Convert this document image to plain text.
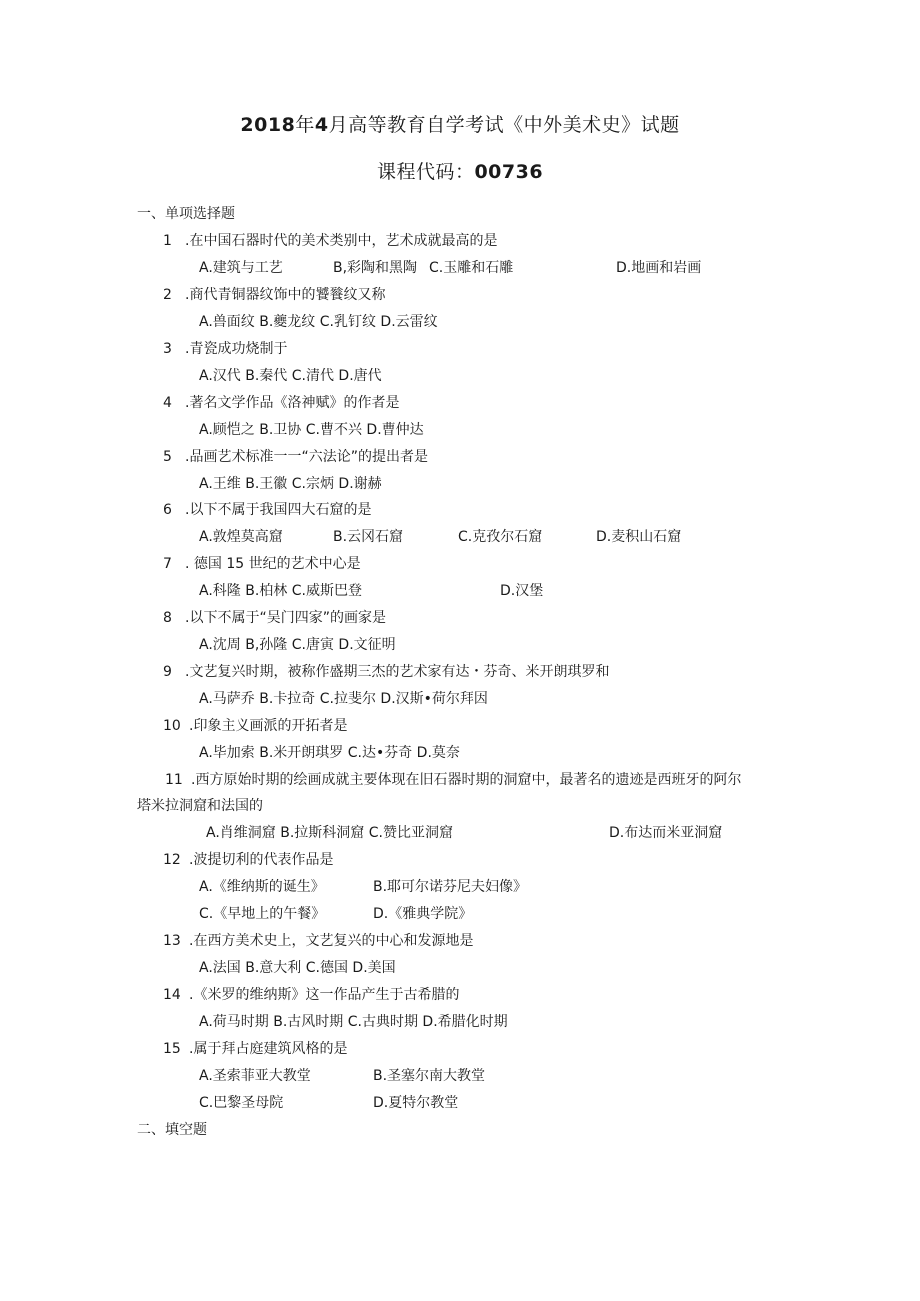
2018年4月高等教育自学考试《中外美术史》试题
课程代码：00736
一、单项选择题
1 .在中国石器时代的美术类别中，艺术成就最高的是
A.建筑与工艺	B,彩陶和黑陶 C.玉雕和石雕	D.地画和岩画
2 .商代青铜器纹饰中的饕餮纹又称
A.兽面纹 B.夔龙纹 C.乳钉纹 D.云雷纹
3 .青瓷成功烧制于
A.汉代 B.秦代 C.清代 D.唐代
4 .著名文学作品《洛神赋》的作者是
A.顾恺之 B.卫协 C.曹不兴 D.曹仲达
5 .品画艺术标准一一“六法论”的提出者是
A.王维 B.王徽 C.宗炳 D.谢赫
6 .以下不属于我国四大石窟的是
A.敦煌莫高窟	B.云冈石窟	C.克孜尔石窟	D.麦积山石窟
7 . 德国 15 世纪的艺术中心是
A.科隆 B.柏林 C.威斯巴登	D.汉堡
8 .以下不属于“吴门四家”的画家是
A.沈周 B,孙隆 C.唐寅 D.文征明
9 .文艺复兴时期，被称作盛期三杰的艺术家有达・芬奇、米开朗琪罗和
A.马萨乔 B.卡拉奇 C.拉斐尔 D.汉斯•荷尔拜因
10 .印象主义画派的开拓者是
A.毕加索 B.米开朗琪罗 C.达•芬奇 D.莫奈
11 .西方原始时期的绘画成就主要体现在旧石器时期的洞窟中，最著名的遗迹是西班牙的阿尔
塔米拉洞窟和法国的
A.肖维洞窟 B.拉斯科洞窟 C.赞比亚洞窟	D.布达而米亚洞窟
12 .波提切利的代表作品是
A.《维纳斯的诞生》	B.耶可尔诺芬尼夫妇像》
C.《早地上的午餐》	D.《雅典学院》
13 .在西方美术史上，文艺复兴的中心和发源地是
A.法国 B.意大利 C.德国 D.美国
14 .《米罗的维纳斯》这一作品产生于古希腊的
A.荷马时期 B.古风时期 C.古典时期 D.希腊化时期
15 .属于拜占庭建筑风格的是
A.圣索菲亚大教堂	B.圣塞尔南大教堂
C.巴黎圣母院	D.夏特尔教堂
二、填空题
